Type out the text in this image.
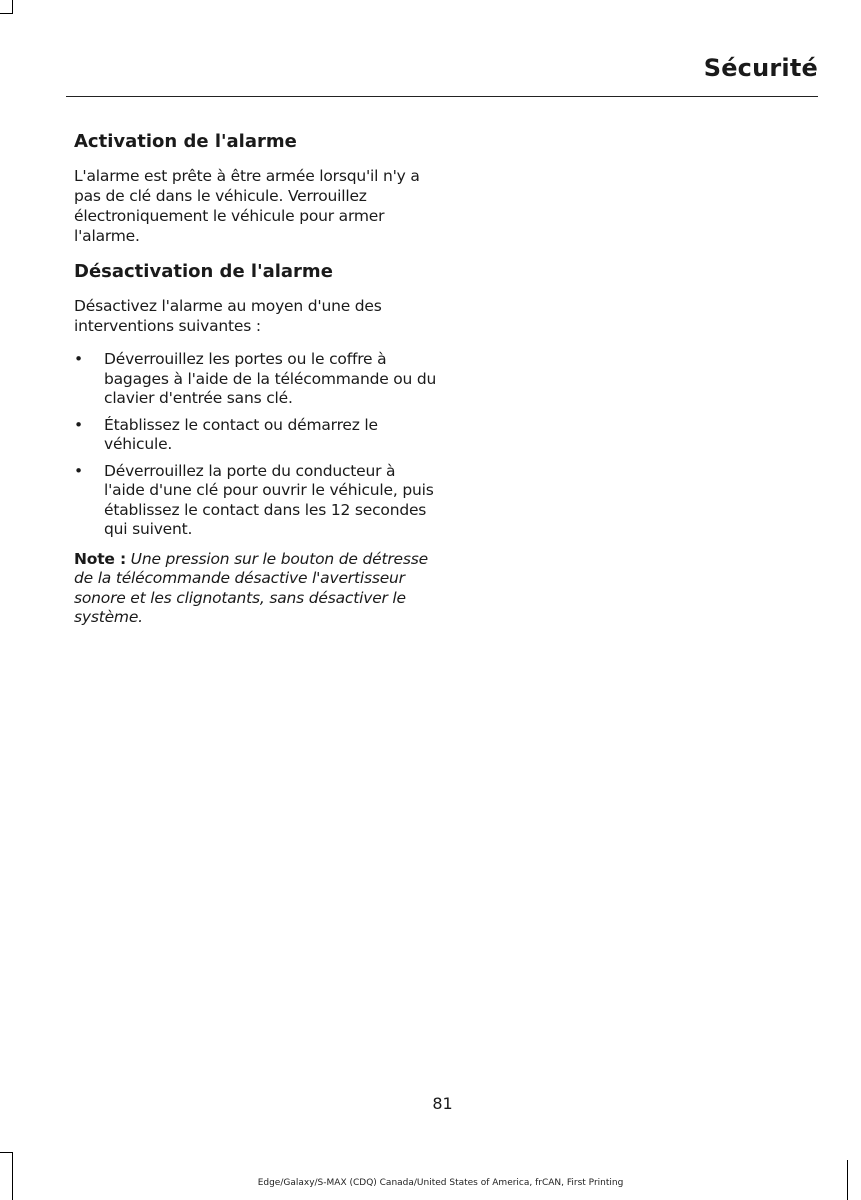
Sécurité
Activation de l'alarme

L'alarme est prête à être armée lorsqu'il n'y a pas de clé dans le véhicule. Verrouillez électroniquement le véhicule pour armer l'alarme.

Désactivation de l'alarme

Désactivez l'alarme au moyen d'une des interventions suivantes :

• Déverrouillez les portes ou le coffre à bagages à l'aide de la télécommande ou du clavier d'entrée sans clé.
• Établissez le contact ou démarrez le véhicule.
• Déverrouillez la porte du conducteur à l'aide d'une clé pour ouvrir le véhicule, puis établissez le contact dans les 12 secondes qui suivent.
Note : Une pression sur le bouton de détresse de la télécommande désactive l'avertisseur sonore et les clignotants, sans désactiver le système.
81
Edge/Galaxy/S-MAX (CDQ) Canada/United States of America, frCAN, First Printing
